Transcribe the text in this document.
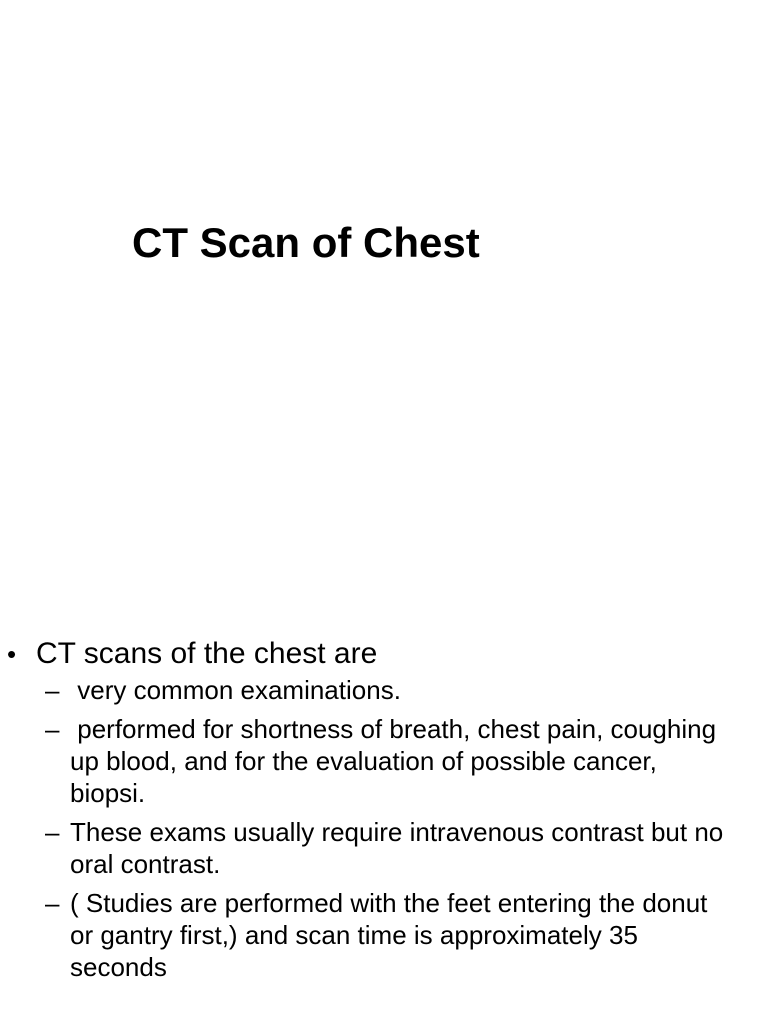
CT Scan of Chest

• CT scans of the chest are

– very common examinations.
– performed for shortness of breath, chest pain, coughing up blood, and for the evaluation of possible cancer, biopsi.
– These exams usually require intravenous contrast but no oral contrast.
– ( Studies are performed with the feet entering the donut or gantry first,) and scan time is approximately 35 seconds
